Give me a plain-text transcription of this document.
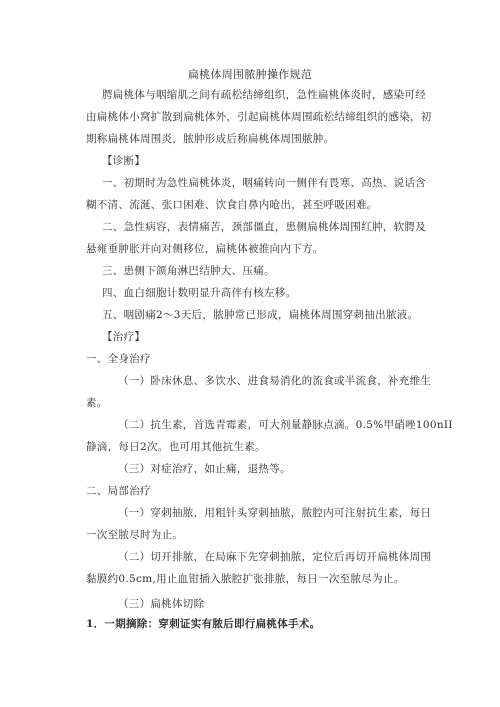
扁桃体周围脓肿操作规范
腭扁桃体与咽缩肌之间有疏松结缔组织，急性扁桃体炎时，感染可经
由扁桃体小窝扩散到扁桃体外，引起扁桃体周围疏松结缔组织的感染，初
期称扁桃体周围炎，脓肿形成后称扁桃体周围脓肿。
【诊断】
一、初期时为急性扁桃体炎，咽痛转向一侧伴有畏寒、高热、说话含
糊不清、流涎、张口困难、饮食自鼻内呛出，甚至呼吸困难。
二、急性病容，表情痛苦，颈部僵直，患侧扁桃体周围红肿，软腭及
悬雍垂肿胀并向对侧移位，扁桃体被推向内下方。
三、患侧下颌角淋巴结肿大、压痛。
四、血白细胞计数明显升高伴有核左移。
五、咽剧痛2～3天后，脓肿常已形成，扁桃体周围穿刺抽出脓液。
【治疗】
一、全身治疗
（一）卧床休息、多饮水、进食易消化的流食或半流食，补充维生
素。
（二）抗生素，首选青霉素，可大剂量静脉点滴。0.5%甲硝唑100nII
静滴，每日2次。也可用其他抗生素。
（三）对症治疗，如止痛，退热等。
二、局部治疗
（一）穿刺抽脓，用粗针头穿刺抽脓，脓腔内可注射抗生素，每日
一次至脓尽时为止。
（二）切开排脓，在局麻下先穿刺抽脓，定位后再切开扁桃体周围
黏膜约0.5cm,用止血钳插入脓腔扩张排脓，每日一次至脓尽为止。
（三）扁桃体切除
1．一期摘除：穿刺证实有脓后即行扁桃体手术。
